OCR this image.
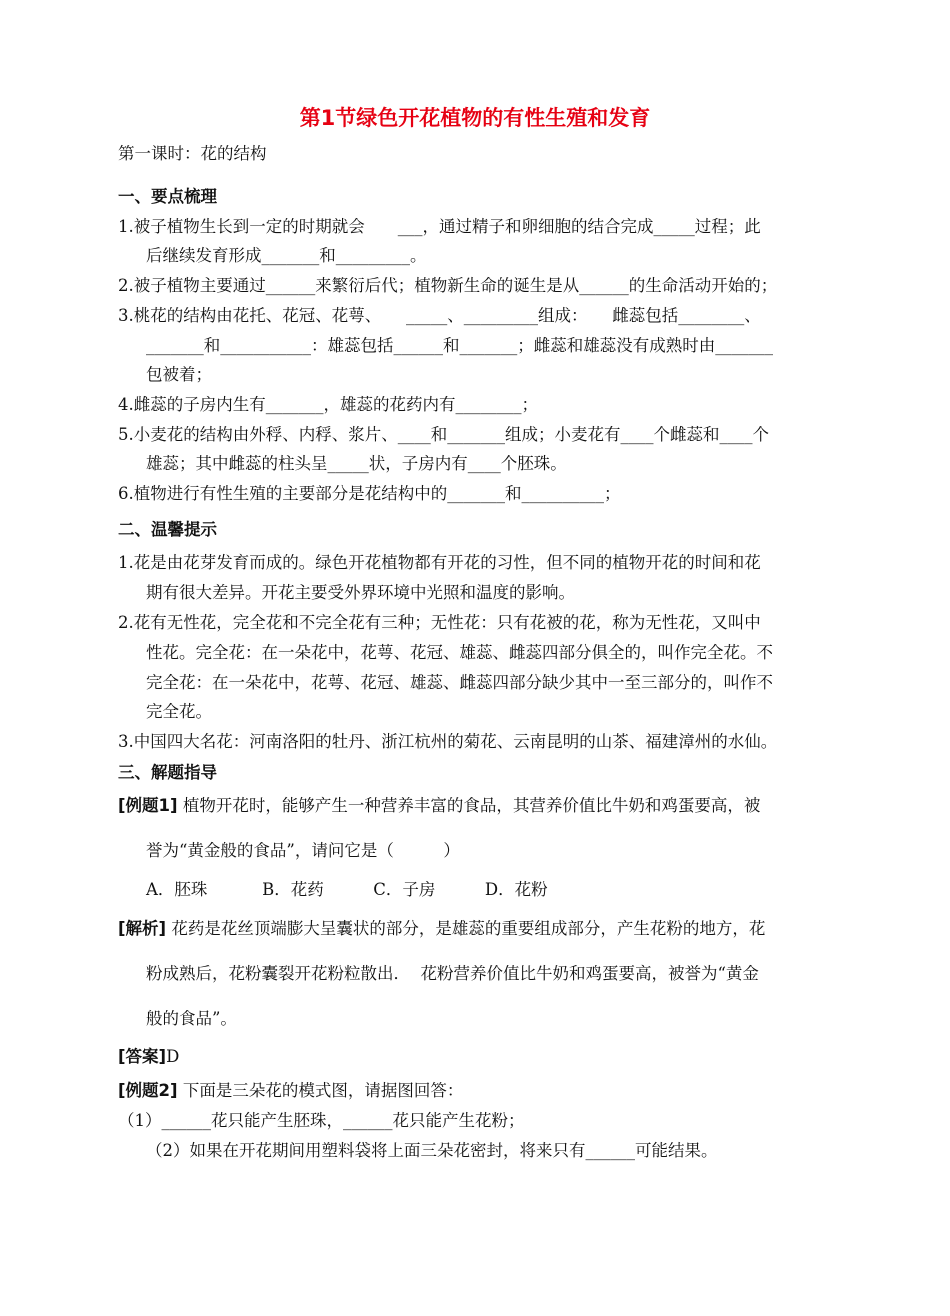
第1节绿色开花植物的有性生殖和发育
第一课时：花的结构
一、要点梳理
1.被子植物生长到一定的时期就会　　___，通过精子和卵细胞的结合完成_____过程；此
后继续发育形成_______和_________。
2.被子植物主要通过______来繁衍后代；植物新生命的诞生是从______的生命活动开始的；
3.桃花的结构由花托、花冠、花萼、　　_____、_________组成：　　雌蕊包括________、
_______和___________：雄蕊包括______和_______；雌蕊和雄蕊没有成熟时由_______
包被着；
4.雌蕊的子房内生有_______，雄蕊的花药内有________；
5.小麦花的结构由外稃、内稃、浆片、____和_______组成；小麦花有____个雌蕊和____个
雄蕊；其中雌蕊的柱头呈_____状，子房内有____个胚珠。
6.植物进行有性生殖的主要部分是花结构中的_______和__________；
二、温馨提示
1.花是由花芽发育而成的。绿色开花植物都有开花的习性，但不同的植物开花的时间和花
期有很大差异。开花主要受外界环境中光照和温度的影响。
2.花有无性花，完全花和不完全花有三种；无性花：只有花被的花，称为无性花，又叫中
性花。完全花：在一朵花中，花萼、花冠、雄蕊、雌蕊四部分俱全的，叫作完全花。不
完全花：在一朵花中，花萼、花冠、雄蕊、雌蕊四部分缺少其中一至三部分的，叫作不
完全花。
3.中国四大名花：河南洛阳的牡丹、浙江杭州的菊花、云南昆明的山茶、福建漳州的水仙。
三、解题指导
[例题1] 植物开花时，能够产生一种营养丰富的食品，其营养价值比牛奶和鸡蛋要高，被
誉为“黄金般的食品”，请问它是（　　　）
A．胚珠　　　 B．花药　　　C．子房　　　D．花粉
[解析] 花药是花丝顶端膨大呈囊状的部分，是雄蕊的重要组成部分，产生花粉的地方，花
粉成熟后，花粉囊裂开花粉粒散出．  花粉营养价值比牛奶和鸡蛋要高，被誉为“黄金
般的食品”。
[答案]D
[例题2] 下面是三朵花的模式图，请据图回答：
（1）______花只能产生胚珠，______花只能产生花粉；
（2）如果在开花期间用塑料袋将上面三朵花密封，将来只有______可能结果。
